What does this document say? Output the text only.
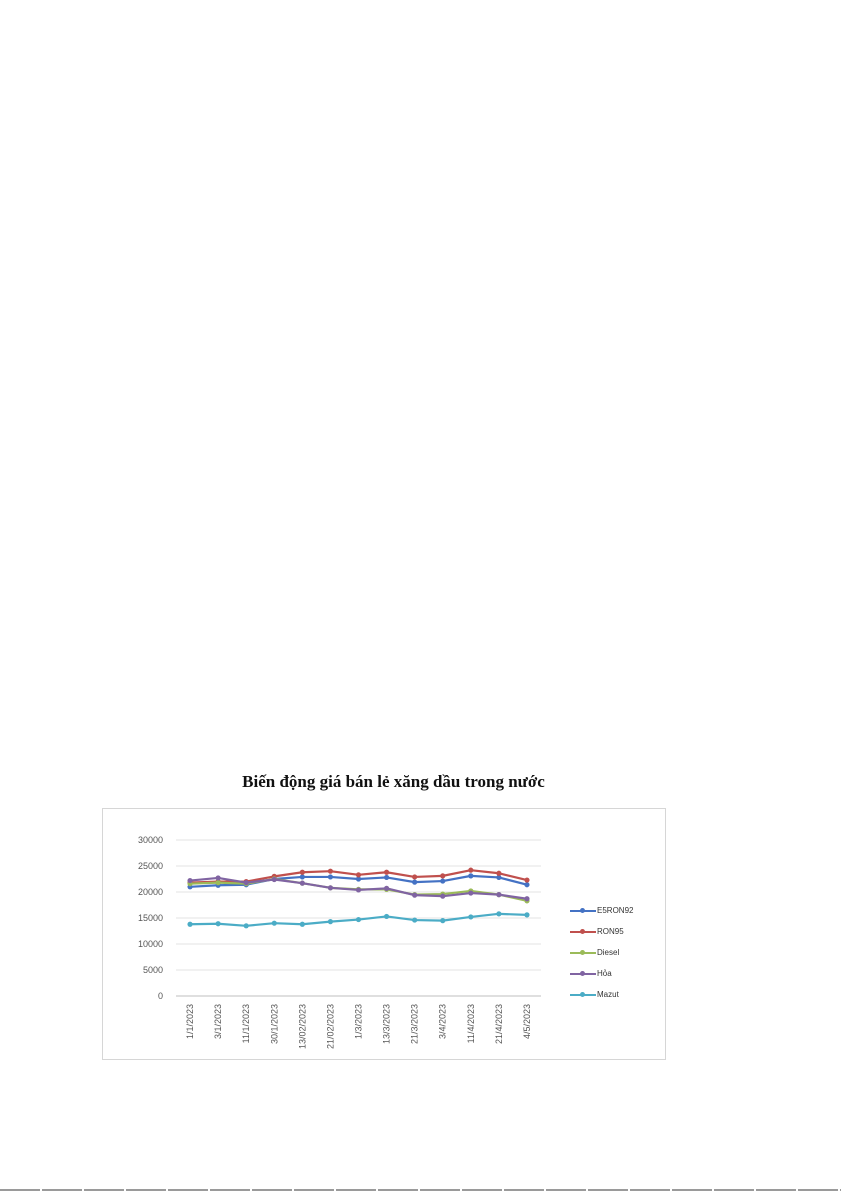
Biến động giá bán lẻ xăng dầu trong nước
0
5000
10000
15000
20000
25000
30000
1/1/2023 3/1/2023 11/1/2023 30/1/2023 13/02/2023 21/02/2023 1/3/2023 13/3/2023 21/3/2023 3/4/2023 11/4/2023 21/4/2023 4/5/2023
E5RON92
RON95
Diesel
Hỏa
Mazut
